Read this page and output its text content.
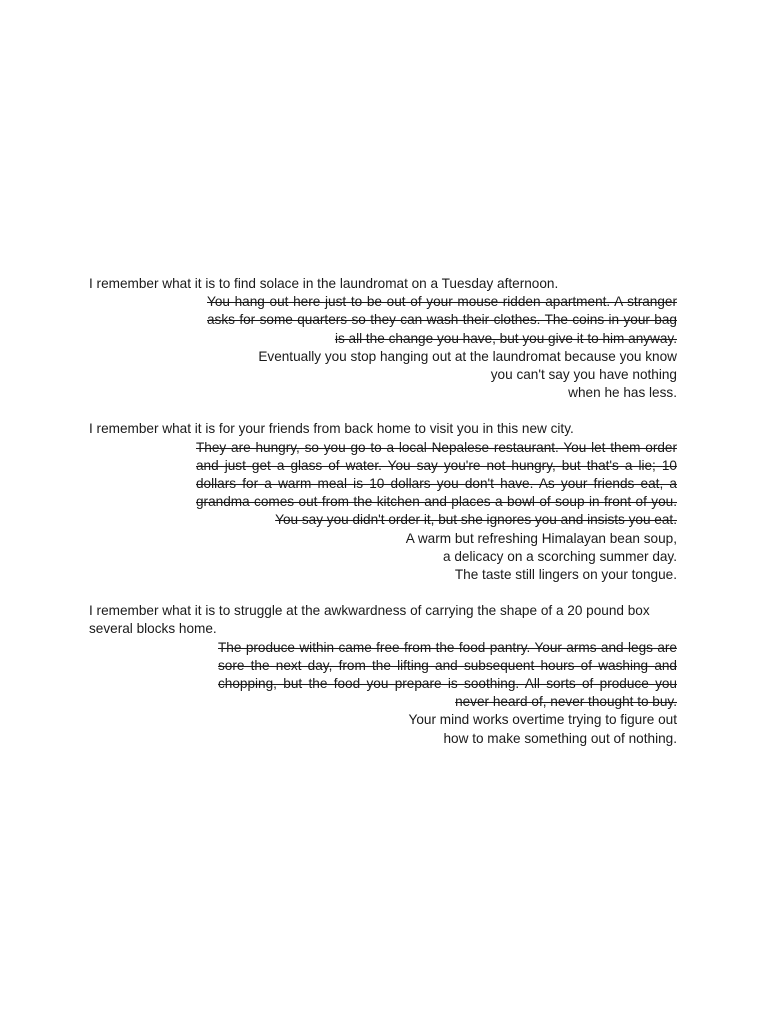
I remember what it is to find solace in the laundromat on a Tuesday afternoon.

You hang out here just to be out of your mouse-ridden apartment. A stranger asks for some quarters so they can wash their clothes. The coins in your bag is all the change you have, but you give it to him anyway.

Eventually you stop hanging out at the laundromat because you know
you can't say you have nothing
when he has less.

I remember what it is for your friends from back home to visit you in this new city.

They are hungry, so you go to a local Nepalese restaurant. You let them order and just get a glass of water. You say you're not hungry, but that's a lie; 10 dollars for a warm meal is 10 dollars you don't have. As your friends eat, a grandma comes out from the kitchen and places a bowl of soup in front of you. You say you didn't order it, but she ignores you and insists you eat.

A warm but refreshing Himalayan bean soup,
a delicacy on a scorching summer day.
The taste still lingers on your tongue.

I remember what it is to struggle at the awkwardness of carrying the shape of a 20 pound box several blocks home.

The produce within came free from the food pantry. Your arms and legs are sore the next day, from the lifting and subsequent hours of washing and chopping, but the food you prepare is soothing. All sorts of produce you never heard of, never thought to buy.

Your mind works overtime trying to figure out
how to make something out of nothing.
